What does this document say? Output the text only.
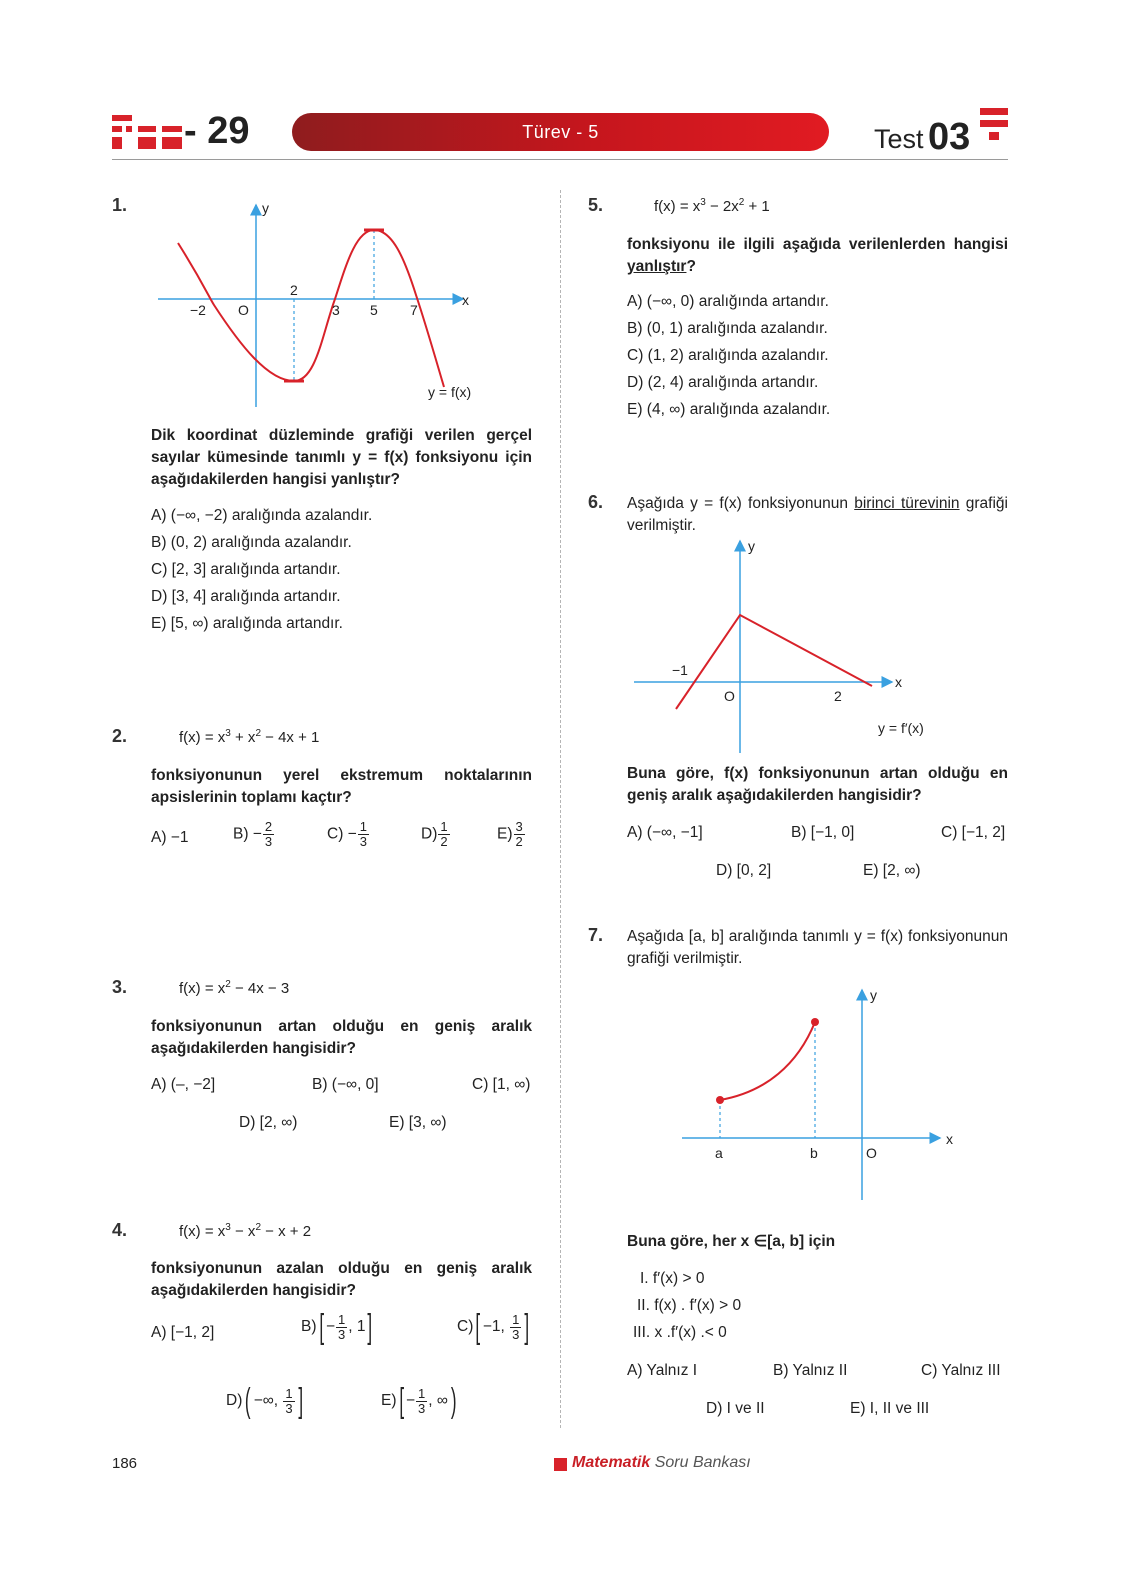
- 29	Türev - 5	Test 03
1.	y
x
O
−2
2
3 5 7
y = f(x)
Dik koordinat düzleminde grafiği verilen gerçel sayılar kümesinde tanımlı y = f(x) fonksiyonu için aşağıdakilerden hangisi yanlıştır?
A) (−∞, −2) aralığında azalandır.
B) (0, 2) aralığında azalandır.
C) [2, 3] aralığında artandır.
D) [3, 4] aralığında artandır.
E) [5, ∞) aralığında artandır.
2.	$f(x) = x^3 + x^2 - 4x + 1$
fonksiyonunun yerel ekstremum noktalarının apsislerinin toplamı kaçtır?
A) −1	$B) - \frac{2}{3}$	$C) - \frac{1}{3}$	$D) \frac{1}{2}$	$E) \frac{3}{2}$
3.	$f(x) = x^2 - 4x - 3$
fonksiyonunun artan olduğu en geniş aralık aşağıdakilerden hangisidir?
A) (–, −2]	B) (−∞, 0]	C) [1, ∞)
D) [2, ∞)	E) [3, ∞)
4.	$f(x) = x^3 - x^2 - x + 2$
fonksiyonunun azalan olduğu en geniş aralık aşağıdakilerden hangisidir?
A) [−1, 2]	$B)[ - \frac{1}{3}$ , 1]	C)[ −1, $\frac{1}{3}$ ]
D)( −∞, $\frac{1}{3}$ ]	$E)[ - \frac{1}{3}$ , ∞)
5.	$f(x) = x^3 - 2x^2 + 1$
fonksiyonu ile ilgili aşağıda verilenlerden hangisi yanlıştır?
A) (−∞, 0) aralığında artandır.
B) (0, 1) aralığında azalandır.
C) (1, 2) aralığında azalandır.
D) (2, 4) aralığında artandır.
E) (4, ∞) aralığında azalandır.
6. Aşağıda y = f(x) fonksiyonunun birinci türevinin grafiği verilmiştir.
y
x
O
−1
2
y = f′(x)
Buna göre, f(x) fonksiyonunun artan olduğu en geniş aralık aşağıdakilerden hangisidir?
A) (−∞, −1]	B) [−1, 0]	C) [−1, 2]
D) [0, 2]	E) [2, ∞)
7. Aşağıda [a, b] aralığında tanımlı y = f(x) fonksiyonunun grafiği verilmiştir.
y
x
O
a	b
Buna göre, her x ∈[a, b] için
I. f′(x) > 0
II. f(x) . f′(x) > 0
III. x .f′(x) .< 0
A) Yalnız I	B) Yalnız II	C) Yalnız III
D) I ve II	E) I, II ve III
186	Matematik Soru Bankası
